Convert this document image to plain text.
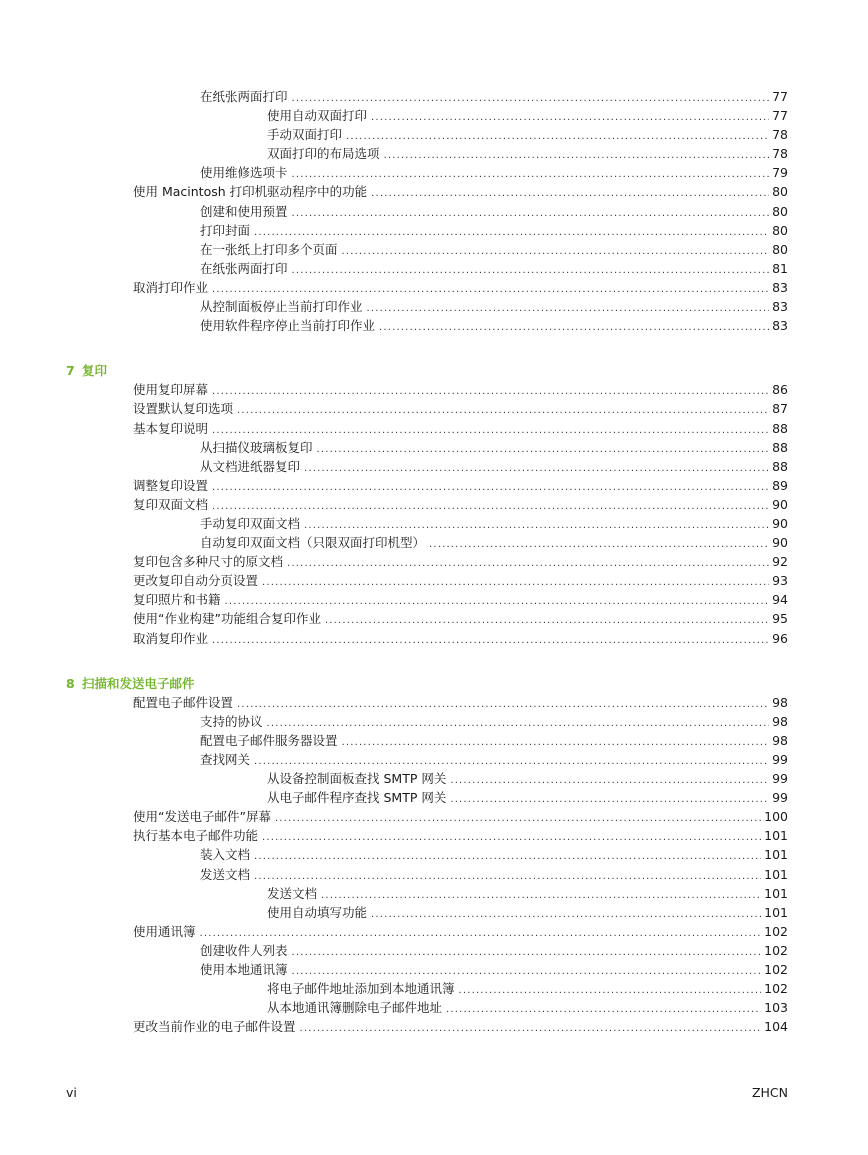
在纸张两面打印 . . .	77
使用自动双面打印 . . .	77
手动双面打印 . . .	78
双面打印的布局选项 . . .	78
使用维修选项卡 . . .	79
使用 Macintosh 打印机驱动程序中的功能 . . .	80
创建和使用预置 . . .	80
打印封面 . . .	80
在一张纸上打印多个页面 . . .	80
在纸张两面打印 . . .	81
取消打印作业 . . .	83
从控制面板停止当前打印作业 . . .	83
使用软件程序停止当前打印作业 . . .	83
7 复印
使用复印屏幕 . . .	86
设置默认复印选项 . . .	87
基本复印说明 . . .	88
从扫描仪玻璃板复印 . . .	88
从文档进纸器复印 . . .	88
调整复印设置 . . .	89
复印双面文档 . . .	90
手动复印双面文档 . . .	90
自动复印双面文档（只限双面打印机型） . . .	90
复印包含多种尺寸的原文档 . . .	92
更改复印自动分页设置 . . .	93
复印照片和书籍 . . .	94
使用“作业构建”功能组合复印作业 . . .	95
取消复印作业 . . .	96
8 扫描和发送电子邮件
配置电子邮件设置 . . .	98
支持的协议 . . .	98
配置电子邮件服务器设置 . . .	98
查找网关 . . .	99
从设备控制面板查找 SMTP 网关 . . .	99
从电子邮件程序查找 SMTP 网关 . . .	99
使用“发送电子邮件”屏幕 . . .	100
执行基本电子邮件功能 . . .	101
装入文档 . . .	101
发送文档 . . .	101
发送文档 . . .	101
使用自动填写功能 . . .	101
使用通讯簿 . . .	102
创建收件人列表 . . .	102
使用本地通讯簿 . . .	102
将电子邮件地址添加到本地通讯簿 . . .	102
从本地通讯簿删除电子邮件地址 . . .	103
更改当前作业的电子邮件设置 . . .	104
vi	ZHCN
